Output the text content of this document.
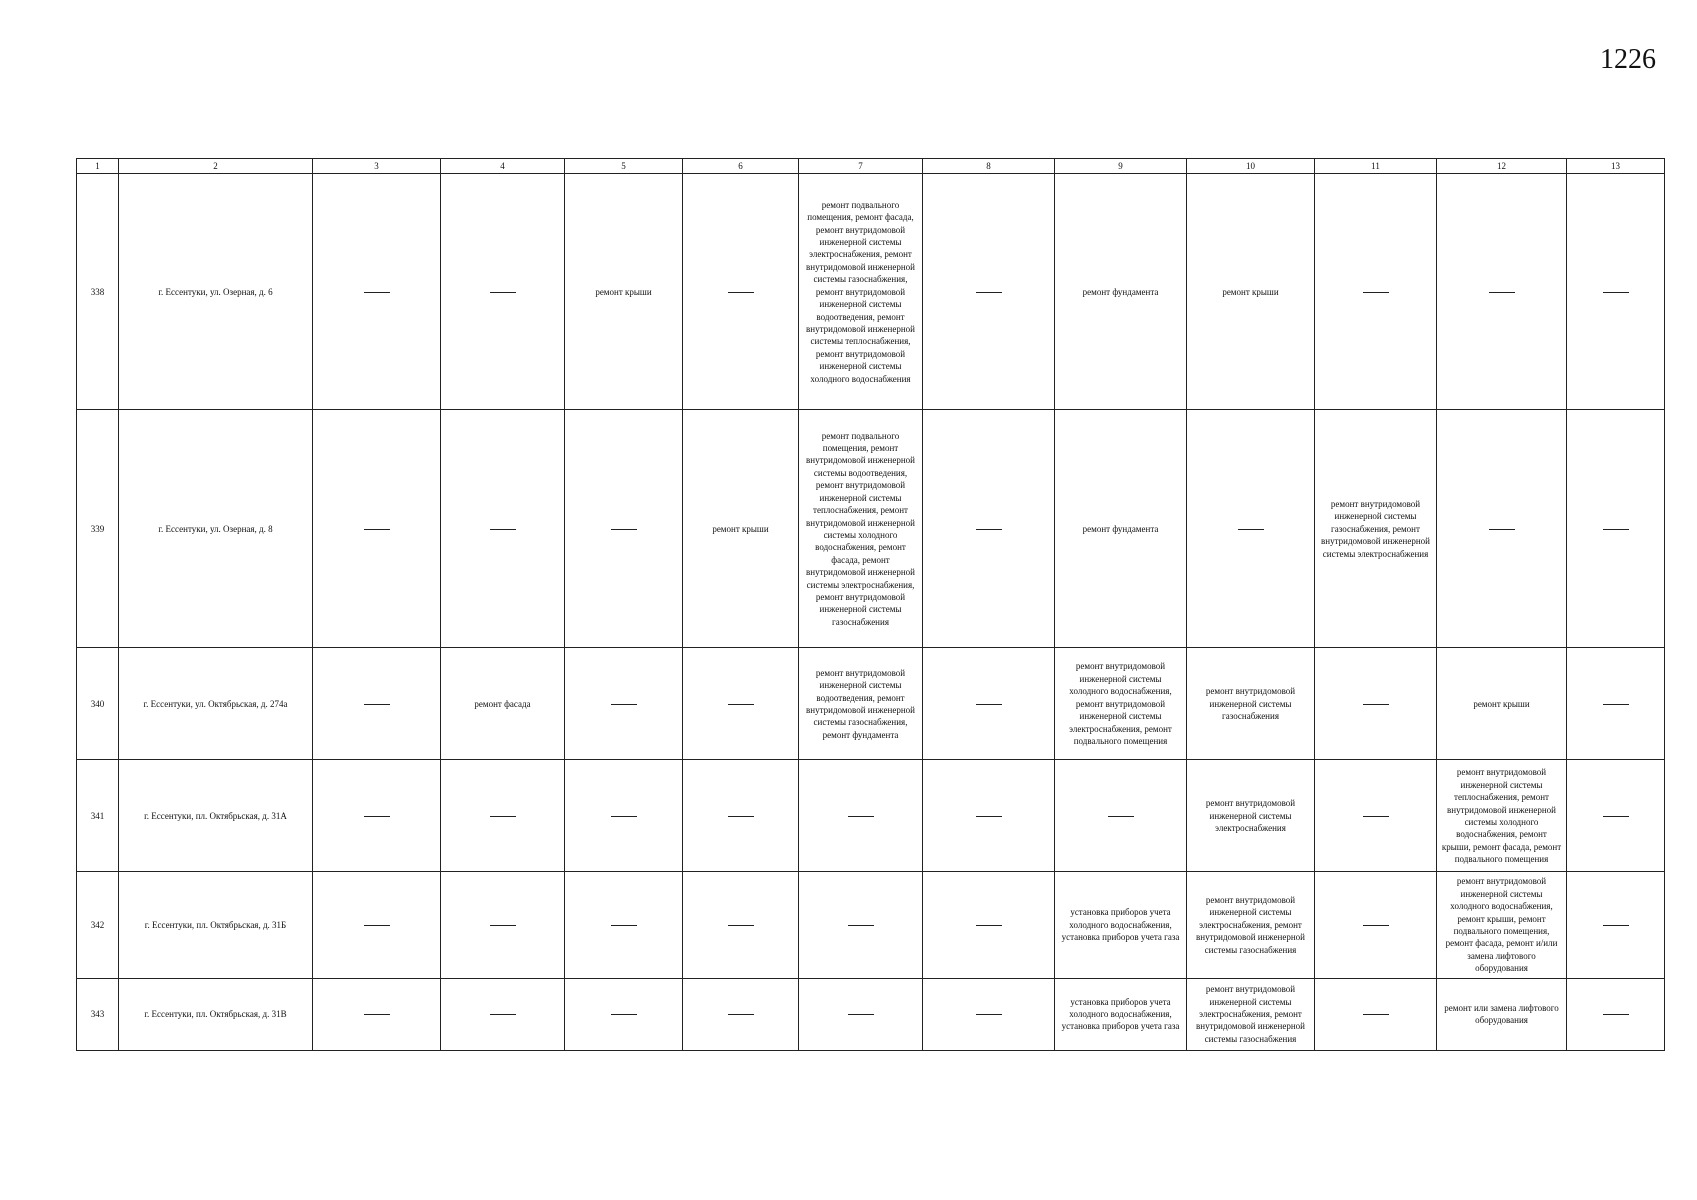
1226
1	2	3	4	5	6	7	8	9	10	11	12	13
338	г. Ессентуки, ул. Озерная, д. 6			ремонт крыши		ремонт подвального помещения, ремонт фасада, ремонт внутридомовой инженерной системы электроснабжения, ремонт внутридомовой инженерной системы газоснабжения, ремонт внутридомовой инженерной системы водоотведения, ремонт внутридомовой инженерной системы теплоснабжения, ремонт внутридомовой инженерной системы холодного водоснабжения		ремонт фундамента	ремонт крыши			
339	г. Ессентуки, ул. Озерная, д. 8				ремонт крыши	ремонт подвального помещения, ремонт внутридомовой инженерной системы водоотведения, ремонт внутридомовой инженерной системы теплоснабжения, ремонт внутридомовой инженерной системы холодного водоснабжения, ремонт фасада, ремонт внутридомовой инженерной системы электроснабжения, ремонт внутридомовой инженерной системы газоснабжения		ремонт фундамента		ремонт внутридомовой инженерной системы газоснабжения, ремонт внутридомовой инженерной системы электроснабжения		
340	г. Ессентуки, ул. Октябрьская, д. 274а		ремонт фасада			ремонт внутридомовой инженерной системы водоотведения, ремонт внутридомовой инженерной системы газоснабжения, ремонт фундамента		ремонт внутридомовой инженерной системы холодного водоснабжения, ремонт внутридомовой инженерной системы электроснабжения, ремонт подвального помещения	ремонт внутридомовой инженерной системы газоснабжения		ремонт крыши	
341	г. Ессентуки, пл. Октябрьская, д. 31А								ремонт внутридомовой инженерной системы электроснабжения		ремонт внутридомовой инженерной системы теплоснабжения, ремонт внутридомовой инженерной системы холодного водоснабжения, ремонт крыши, ремонт фасада, ремонт подвального помещения	
342	г. Ессентуки, пл. Октябрьская, д. 31Б							установка приборов учета холодного водоснабжения, установка приборов учета газа	ремонт внутридомовой инженерной системы электроснабжения, ремонт внутридомовой инженерной системы газоснабжения		ремонт внутридомовой инженерной системы холодного водоснабжения, ремонт крыши, ремонт подвального помещения, ремонт фасада, ремонт и/или замена лифтового оборудования	
343	г. Ессентуки, пл. Октябрьская, д. 31В							установка приборов учета холодного водоснабжения, установка приборов учета газа	ремонт внутридомовой инженерной системы электроснабжения, ремонт внутридомовой инженерной системы газоснабжения		ремонт или замена лифтового оборудования	
